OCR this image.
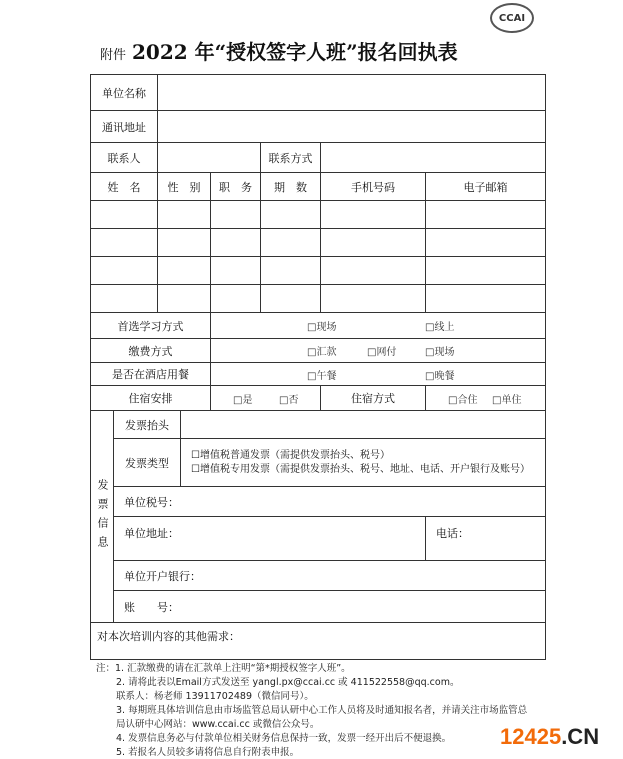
CCAI
附件 2022 年“授权签字人班”报名回执表
单位名称
通讯地址
联系人	联系方式
姓　名	性　别	职　务	期　数	手机号码	电子邮箱
首选学习方式	□现场	□线上
缴费方式	□汇款	□网付	□现场
是否在酒店用餐	□午餐	□晚餐
住宿安排	□是	□否	住宿方式	□合住 □单住
发票信息
发票抬头
发票类型
☐增值税普通发票（需提供发票抬头、税号）
☐增值税专用发票（需提供发票抬头、税号、地址、电话、开户银行及账号）
单位税号：
单位地址：	电话：
单位开户银行：
账　　号：
对本次培训内容的其他需求：
注：1. 汇款缴费的请在汇款单上注明“第*期授权签字人班”。
2. 请将此表以Email方式发送至 yangl.px@ccai.cc 或 411522558@qq.com。
联系人：杨老师 13911702489（微信同号）。
3. 每期班具体培训信息由市场监管总局认研中心工作人员将及时通知报名者，并请关注市场监管总局认研中心网站：www.ccai.cc 或微信公众号。
4. 发票信息务必与付款单位相关财务信息保持一致，发票一经开出后不便退换。
5. 若报名人员较多请将信息自行附表申报。
12425.CN
